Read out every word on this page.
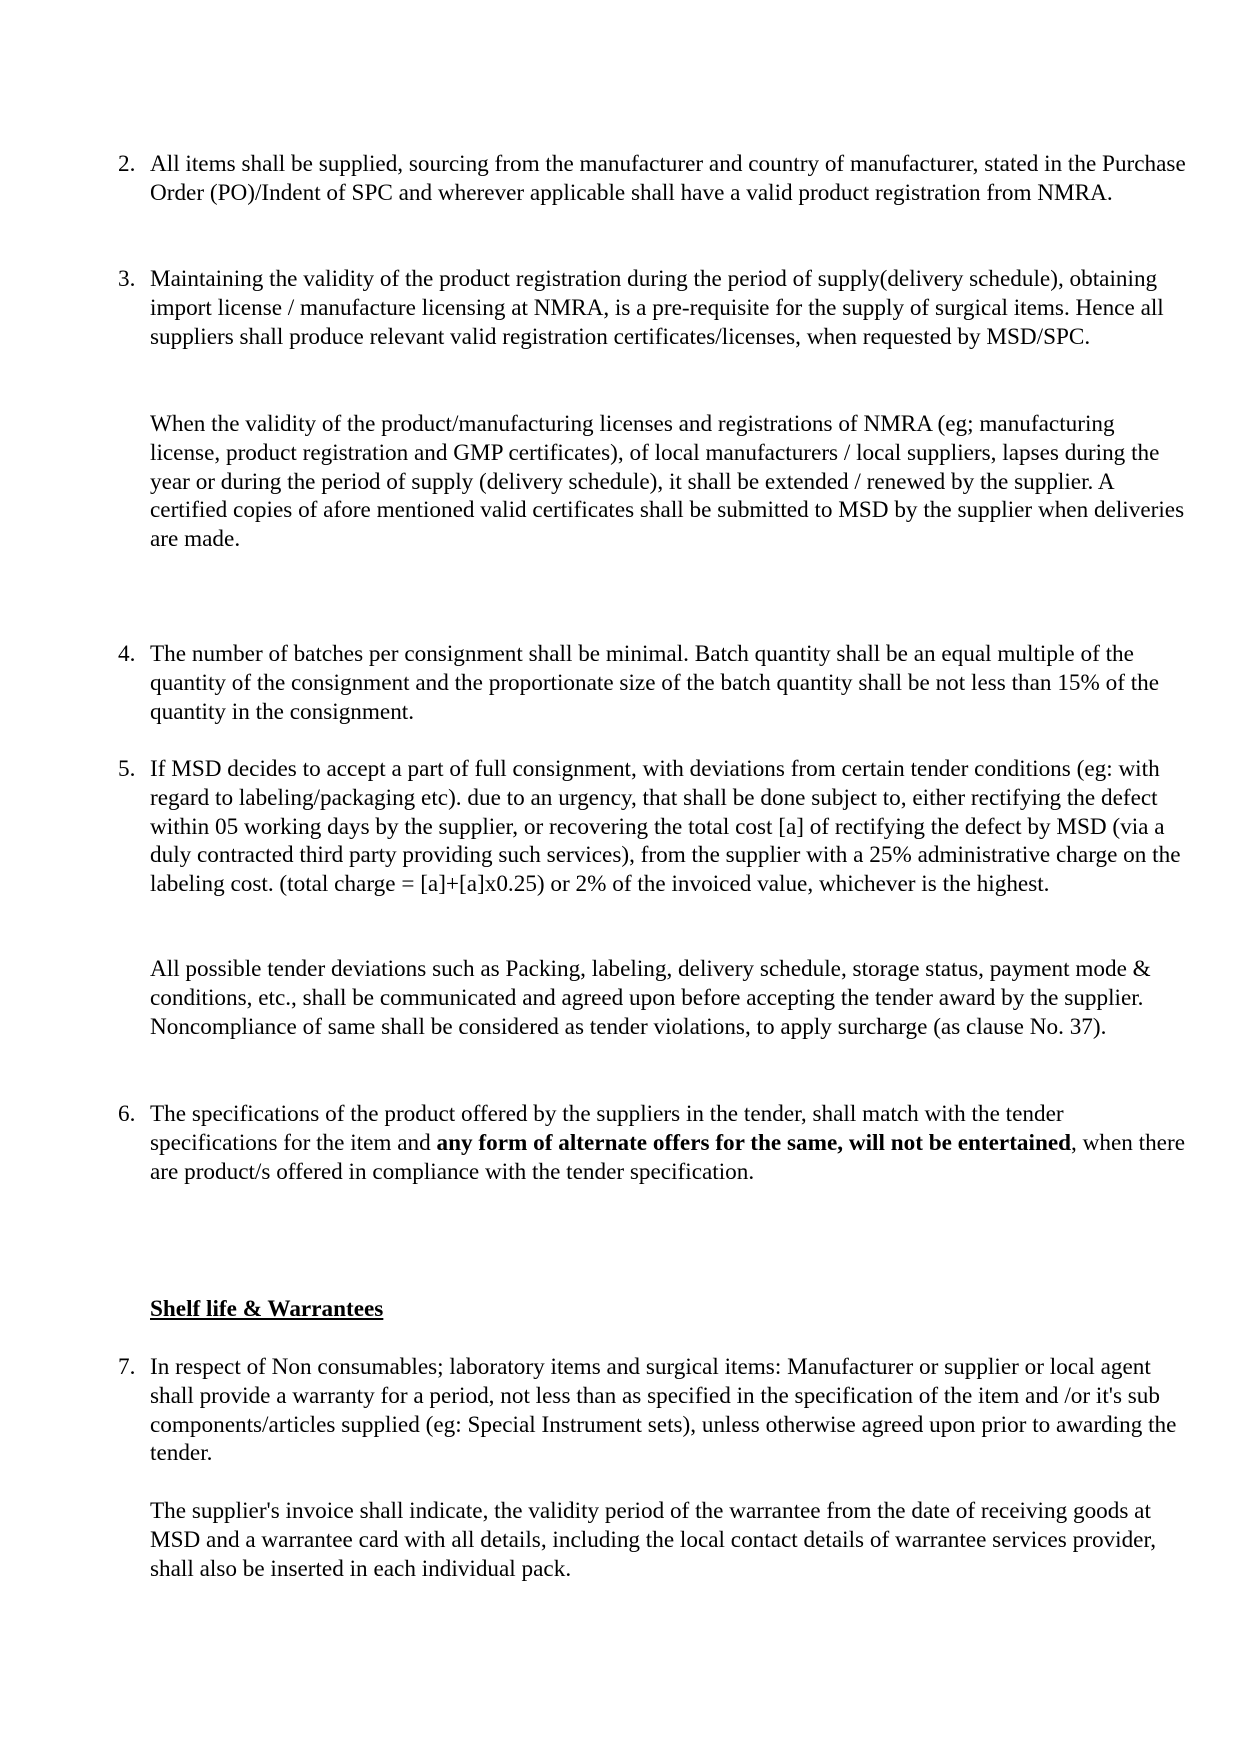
2. All items shall be supplied, sourcing from the manufacturer and country of manufacturer, stated in the Purchase Order (PO)/Indent of SPC and wherever applicable shall have a valid product registration from NMRA.
3. Maintaining the validity of the product registration during the period of supply(delivery schedule), obtaining import license / manufacture licensing at NMRA, is a pre-requisite for the supply of surgical items. Hence all suppliers shall produce relevant valid registration certificates/licenses, when requested by MSD/SPC.
When the validity of the product/manufacturing licenses and registrations of NMRA (eg; manufacturing license, product registration and GMP certificates), of local manufacturers / local suppliers, lapses during the year or during the period of supply (delivery schedule), it shall be extended / renewed by the supplier. A certified copies of afore mentioned valid certificates shall be submitted to MSD by the supplier when deliveries are made.
4. The number of batches per consignment shall be minimal. Batch quantity shall be an equal multiple of the quantity of the consignment and the proportionate size of the batch quantity shall be not less than 15% of the quantity in the consignment.
5. If MSD decides to accept a part of full consignment, with deviations from certain tender conditions (eg: with regard to labeling/packaging etc). due to an urgency, that shall be done subject to, either rectifying the defect within 05 working days by the supplier, or recovering the total cost [a] of rectifying the defect by MSD (via a duly contracted third party providing such services), from the supplier with a 25% administrative charge on the labeling cost. (total charge = [a]+[a]x0.25) or 2% of the invoiced value, whichever is the highest.
All possible tender deviations such as Packing, labeling, delivery schedule, storage status, payment mode & conditions, etc., shall be communicated and agreed upon before accepting the tender award by the supplier. Noncompliance of same shall be considered as tender violations, to apply surcharge (as clause No. 37).
6. The specifications of the product offered by the suppliers in the tender, shall match with the tender specifications for the item and any form of alternate offers for the same, will not be entertained, when there are product/s offered in compliance with the tender specification.
Shelf life & Warrantees
7. In respect of Non consumables; laboratory items and surgical items: Manufacturer or supplier or local agent shall provide a warranty for a period, not less than as specified in the specification of the item and /or it's sub components/articles supplied (eg: Special Instrument sets), unless otherwise agreed upon prior to awarding the tender.
The supplier's invoice shall indicate, the validity period of the warrantee from the date of receiving goods at MSD and a warrantee card with all details, including the local contact details of warrantee services provider, shall also be inserted in each individual pack.
